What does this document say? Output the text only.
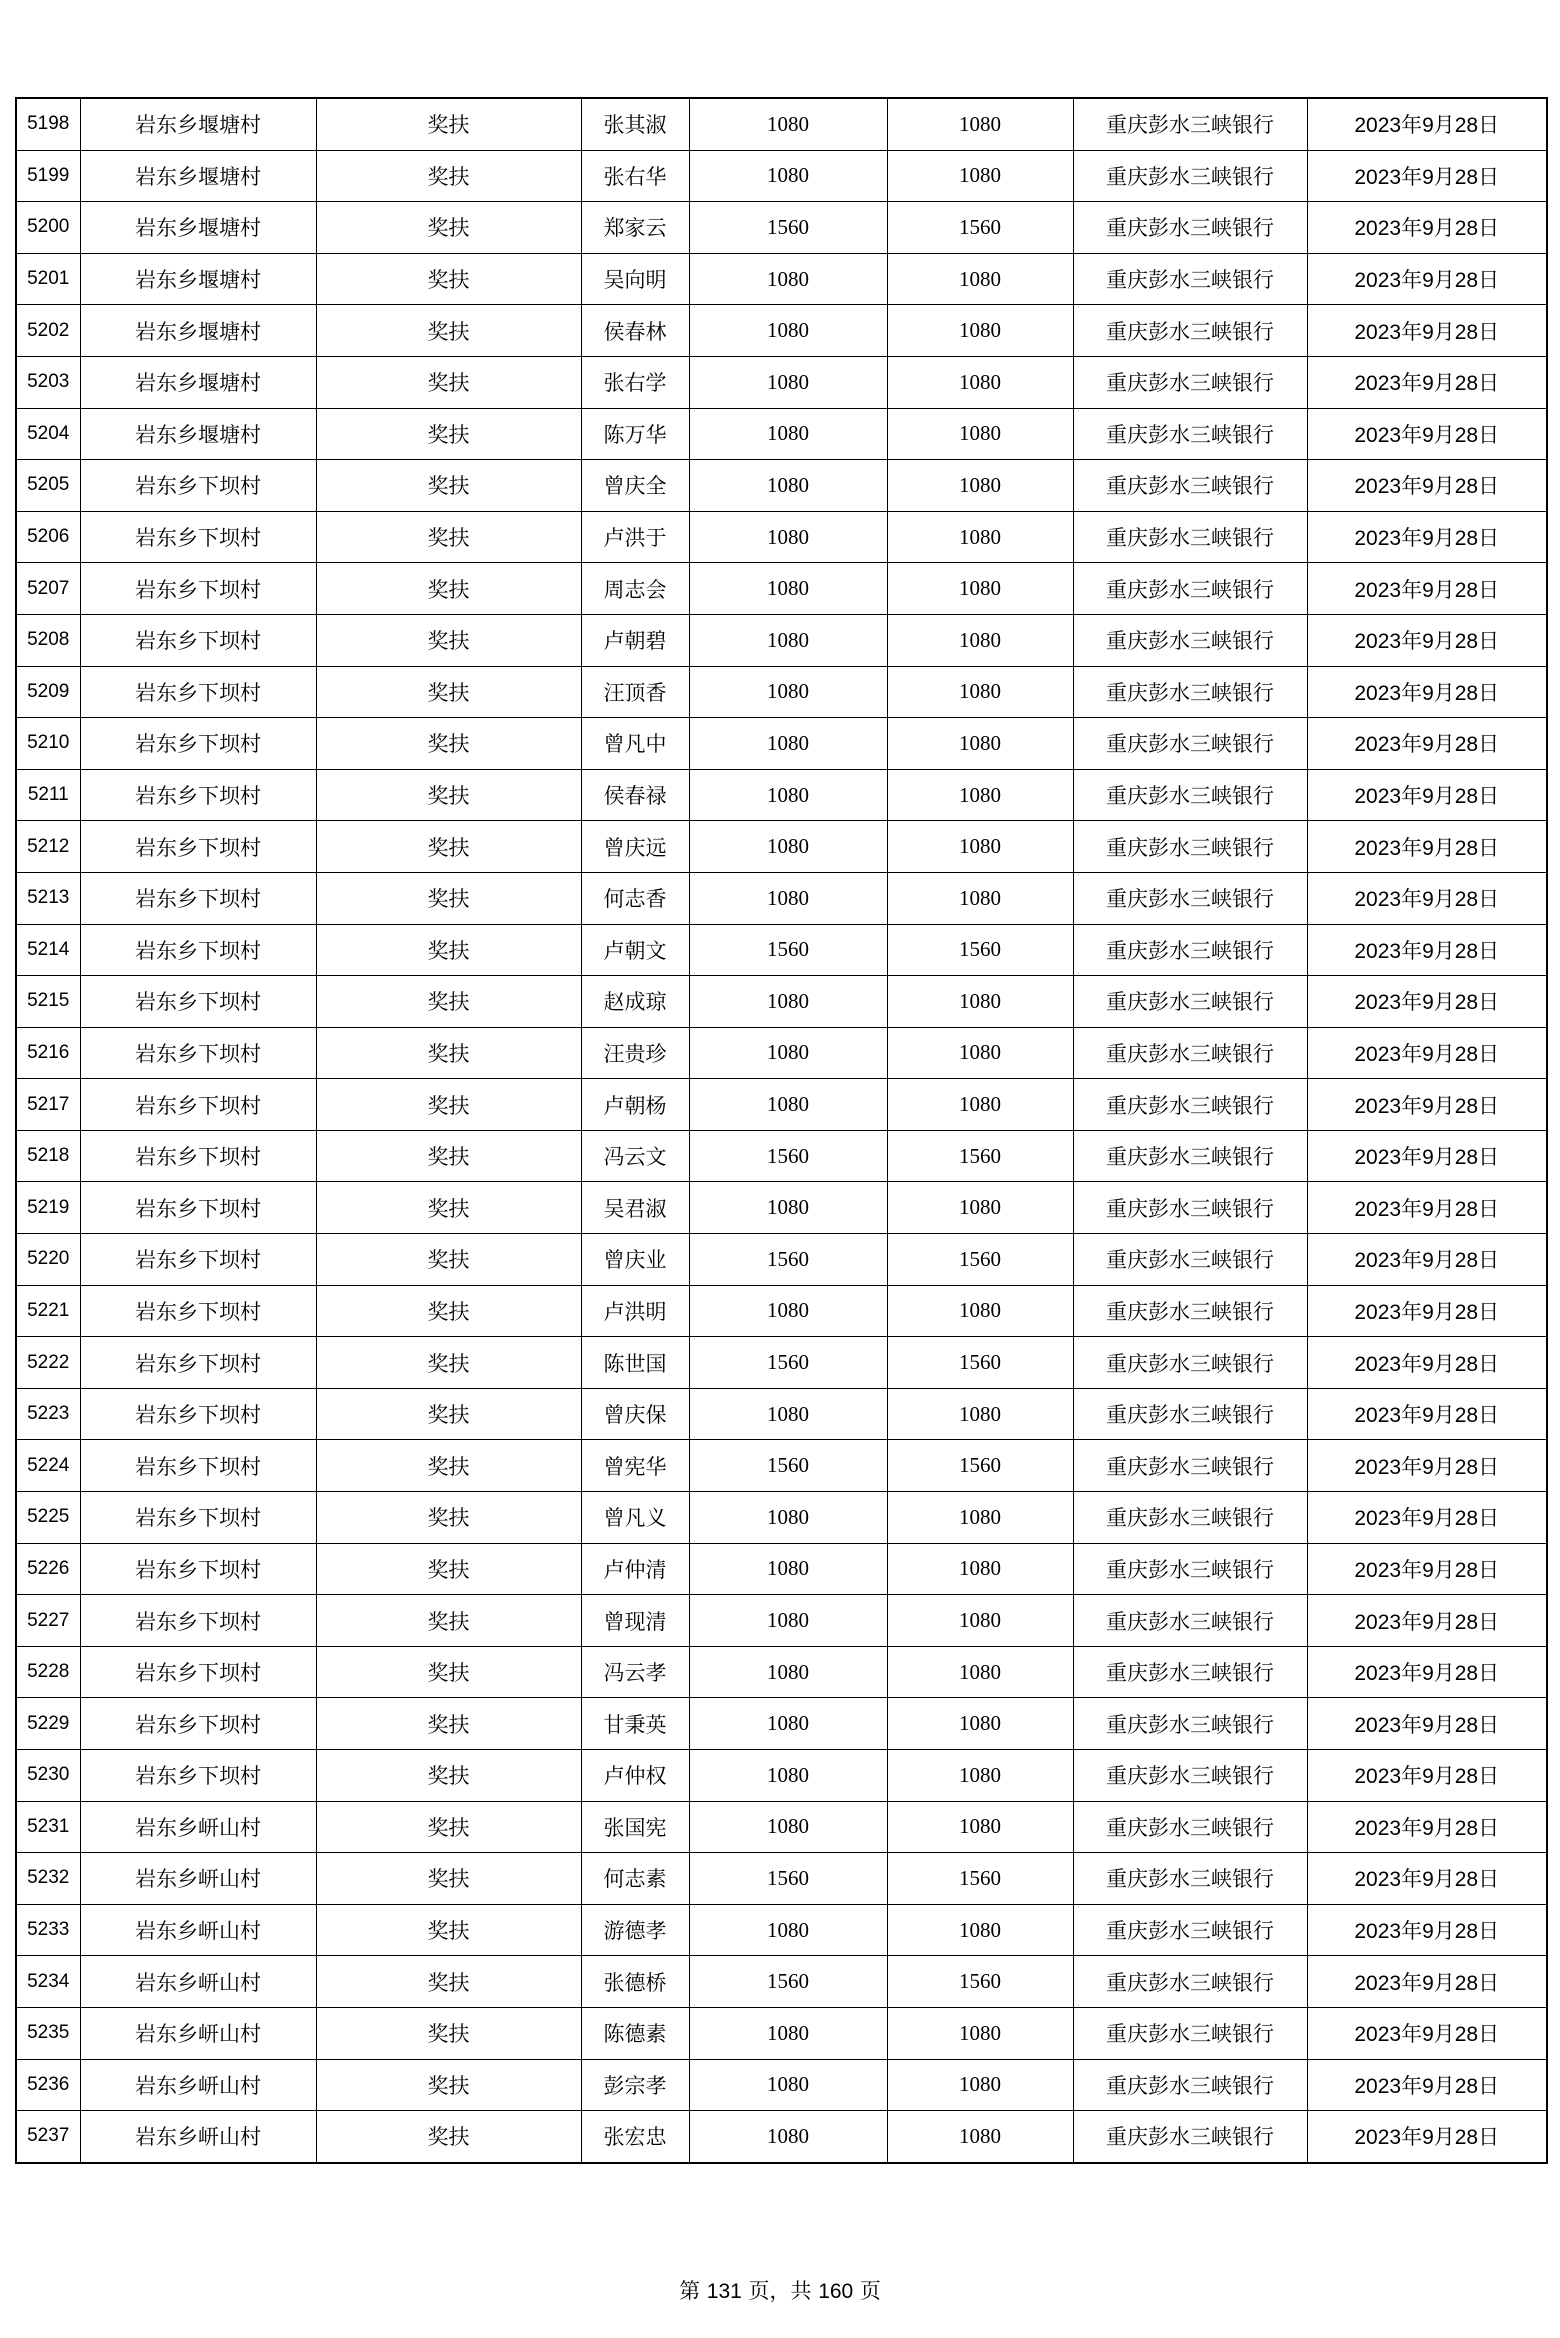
5198	岩东乡堰塘村	奖扶	张其淑	1080	1080	重庆彭水三峡银行	2023年9月28日
5199	岩东乡堰塘村	奖扶	张右华	1080	1080	重庆彭水三峡银行	2023年9月28日
5200	岩东乡堰塘村	奖扶	郑家云	1560	1560	重庆彭水三峡银行	2023年9月28日
5201	岩东乡堰塘村	奖扶	吴向明	1080	1080	重庆彭水三峡银行	2023年9月28日
5202	岩东乡堰塘村	奖扶	侯春林	1080	1080	重庆彭水三峡银行	2023年9月28日
5203	岩东乡堰塘村	奖扶	张右学	1080	1080	重庆彭水三峡银行	2023年9月28日
5204	岩东乡堰塘村	奖扶	陈万华	1080	1080	重庆彭水三峡银行	2023年9月28日
5205	岩东乡下坝村	奖扶	曾庆全	1080	1080	重庆彭水三峡银行	2023年9月28日
5206	岩东乡下坝村	奖扶	卢洪于	1080	1080	重庆彭水三峡银行	2023年9月28日
5207	岩东乡下坝村	奖扶	周志会	1080	1080	重庆彭水三峡银行	2023年9月28日
5208	岩东乡下坝村	奖扶	卢朝碧	1080	1080	重庆彭水三峡银行	2023年9月28日
5209	岩东乡下坝村	奖扶	汪顶香	1080	1080	重庆彭水三峡银行	2023年9月28日
5210	岩东乡下坝村	奖扶	曾凡中	1080	1080	重庆彭水三峡银行	2023年9月28日
5211	岩东乡下坝村	奖扶	侯春禄	1080	1080	重庆彭水三峡银行	2023年9月28日
5212	岩东乡下坝村	奖扶	曾庆远	1080	1080	重庆彭水三峡银行	2023年9月28日
5213	岩东乡下坝村	奖扶	何志香	1080	1080	重庆彭水三峡银行	2023年9月28日
5214	岩东乡下坝村	奖扶	卢朝文	1560	1560	重庆彭水三峡银行	2023年9月28日
5215	岩东乡下坝村	奖扶	赵成琼	1080	1080	重庆彭水三峡银行	2023年9月28日
5216	岩东乡下坝村	奖扶	汪贵珍	1080	1080	重庆彭水三峡银行	2023年9月28日
5217	岩东乡下坝村	奖扶	卢朝杨	1080	1080	重庆彭水三峡银行	2023年9月28日
5218	岩东乡下坝村	奖扶	冯云文	1560	1560	重庆彭水三峡银行	2023年9月28日
5219	岩东乡下坝村	奖扶	吴君淑	1080	1080	重庆彭水三峡银行	2023年9月28日
5220	岩东乡下坝村	奖扶	曾庆业	1560	1560	重庆彭水三峡银行	2023年9月28日
5221	岩东乡下坝村	奖扶	卢洪明	1080	1080	重庆彭水三峡银行	2023年9月28日
5222	岩东乡下坝村	奖扶	陈世国	1560	1560	重庆彭水三峡银行	2023年9月28日
5223	岩东乡下坝村	奖扶	曾庆保	1080	1080	重庆彭水三峡银行	2023年9月28日
5224	岩东乡下坝村	奖扶	曾宪华	1560	1560	重庆彭水三峡银行	2023年9月28日
5225	岩东乡下坝村	奖扶	曾凡义	1080	1080	重庆彭水三峡银行	2023年9月28日
5226	岩东乡下坝村	奖扶	卢仲清	1080	1080	重庆彭水三峡银行	2023年9月28日
5227	岩东乡下坝村	奖扶	曾现清	1080	1080	重庆彭水三峡银行	2023年9月28日
5228	岩东乡下坝村	奖扶	冯云孝	1080	1080	重庆彭水三峡银行	2023年9月28日
5229	岩东乡下坝村	奖扶	甘秉英	1080	1080	重庆彭水三峡银行	2023年9月28日
5230	岩东乡下坝村	奖扶	卢仲权	1080	1080	重庆彭水三峡银行	2023年9月28日
5231	岩东乡岍山村	奖扶	张国宪	1080	1080	重庆彭水三峡银行	2023年9月28日
5232	岩东乡岍山村	奖扶	何志素	1560	1560	重庆彭水三峡银行	2023年9月28日
5233	岩东乡岍山村	奖扶	游德孝	1080	1080	重庆彭水三峡银行	2023年9月28日
5234	岩东乡岍山村	奖扶	张德桥	1560	1560	重庆彭水三峡银行	2023年9月28日
5235	岩东乡岍山村	奖扶	陈德素	1080	1080	重庆彭水三峡银行	2023年9月28日
5236	岩东乡岍山村	奖扶	彭宗孝	1080	1080	重庆彭水三峡银行	2023年9月28日
5237	岩东乡岍山村	奖扶	张宏忠	1080	1080	重庆彭水三峡银行	2023年9月28日
第 131 页，共 160 页
